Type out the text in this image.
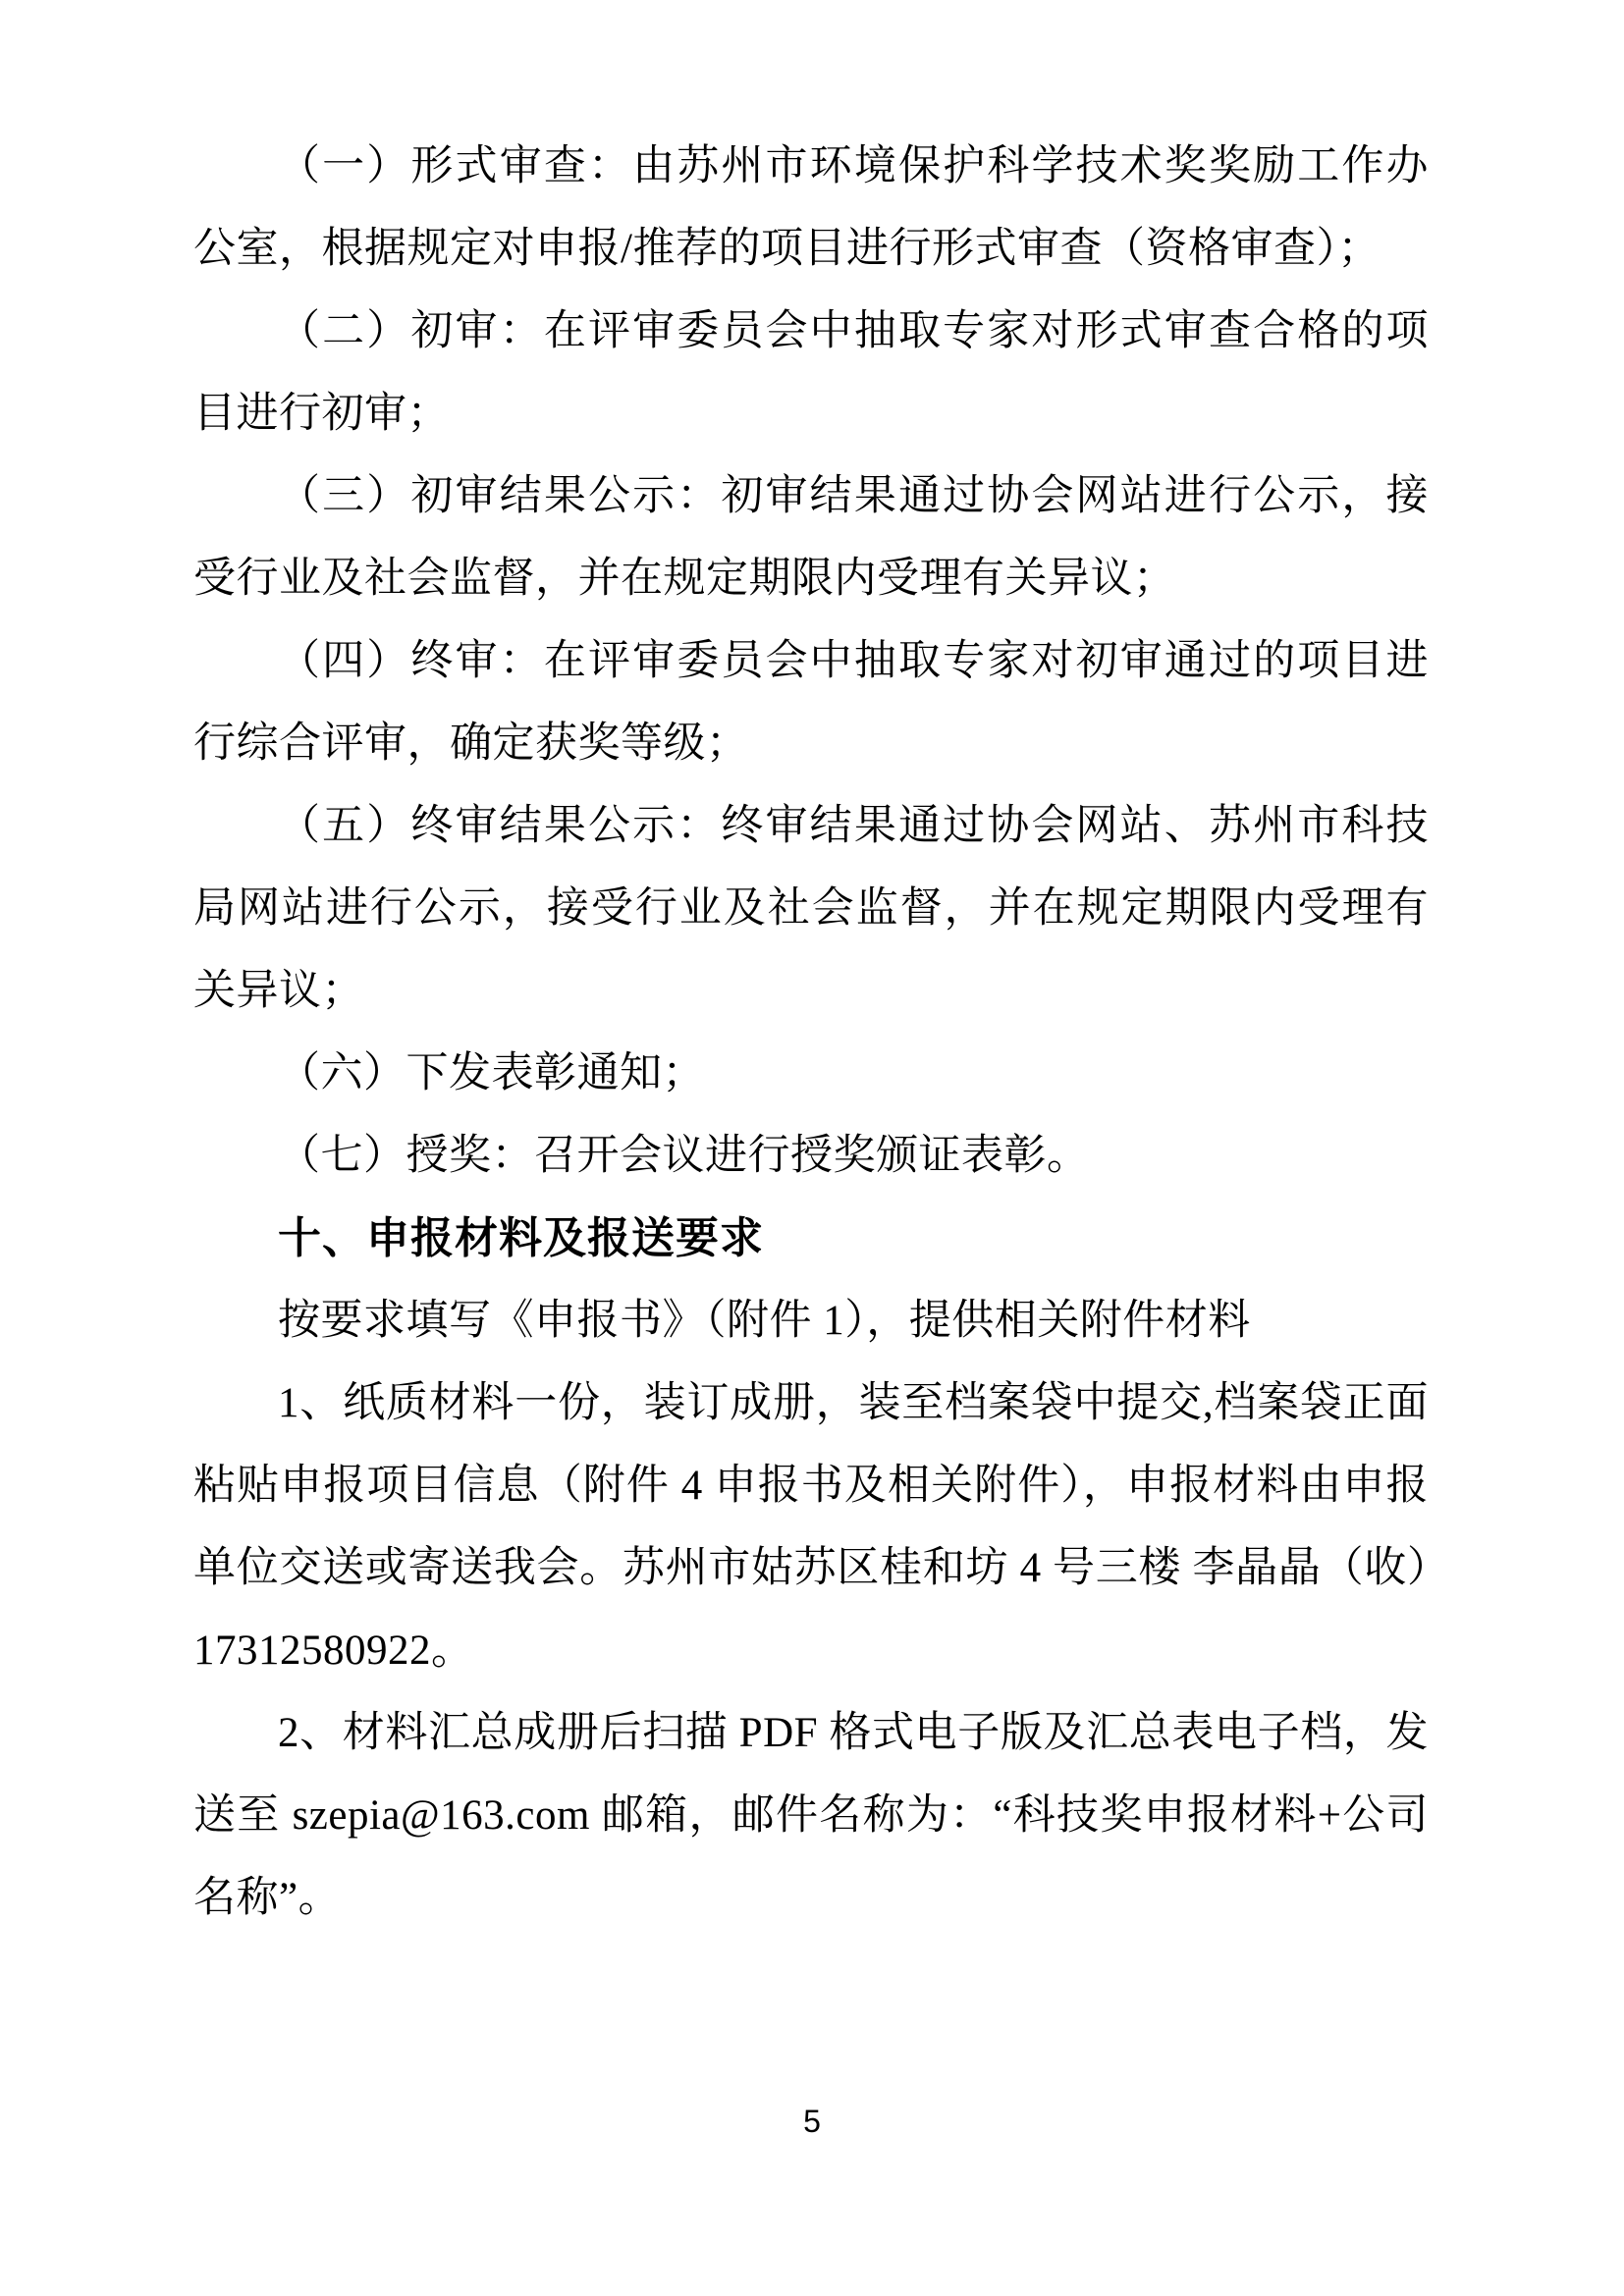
（一）形式审查：由苏州市环境保护科学技术奖奖励工作办公室，根据规定对申报/推荐的项目进行形式审查（资格审查）；

（二）初审：在评审委员会中抽取专家对形式审查合格的项目进行初审；

（三）初审结果公示：初审结果通过协会网站进行公示，接受行业及社会监督，并在规定期限内受理有关异议；

（四）终审：在评审委员会中抽取专家对初审通过的项目进行综合评审，确定获奖等级；

（五）终审结果公示：终审结果通过协会网站、苏州市科技局网站进行公示，接受行业及社会监督，并在规定期限内受理有关异议；

（六）下发表彰通知；

（七）授奖：召开会议进行授奖颁证表彰。

十、申报材料及报送要求

按要求填写《申报书》（附件 1），提供相关附件材料

1、纸质材料一份，装订成册，装至档案袋中提交,档案袋正面粘贴申报项目信息（附件 4 申报书及相关附件），申报材料由申报单位交送或寄送我会。苏州市姑苏区桂和坊 4 号三楼 李晶晶（收）17312580922。

2、材料汇总成册后扫描 PDF 格式电子版及汇总表电子档，发送至 szepia@163.com 邮箱，邮件名称为：“科技奖申报材料+公司名称”。

5
